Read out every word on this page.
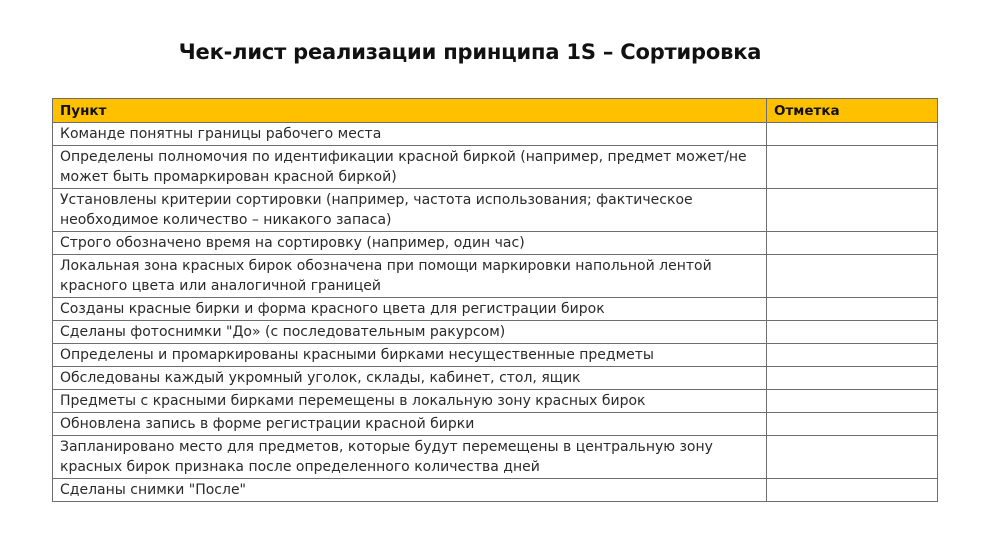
Чек-лист реализации принципа 1S – Сортировка
Пункт	Отметка
Команде понятны границы рабочего места	
Определены полномочия по идентификации красной биркой (например, предмет может/не может быть промаркирован красной биркой)	
Установлены критерии сортировки (например, частота использования; фактическое необходимое количество – никакого запаса)	
Строго обозначено время на сортировку (например, один час)	
Локальная зона красных бирок обозначена при помощи маркировки напольной лентой красного цвета или аналогичной границей	
Созданы красные бирки и форма красного цвета для регистрации бирок	
Сделаны фотоснимки "До» (с последовательным ракурсом)	
Определены и промаркированы красными бирками несущественные предметы	
Обследованы каждый укромный уголок, склады, кабинет, стол, ящик	
Предметы с красными бирками перемещены в локальную зону красных бирок	
Обновлена запись в форме регистрации красной бирки	
Запланировано место для предметов, которые будут перемещены в центральную зону красных бирок признака после определенного количества дней	
Сделаны снимки "После"	
